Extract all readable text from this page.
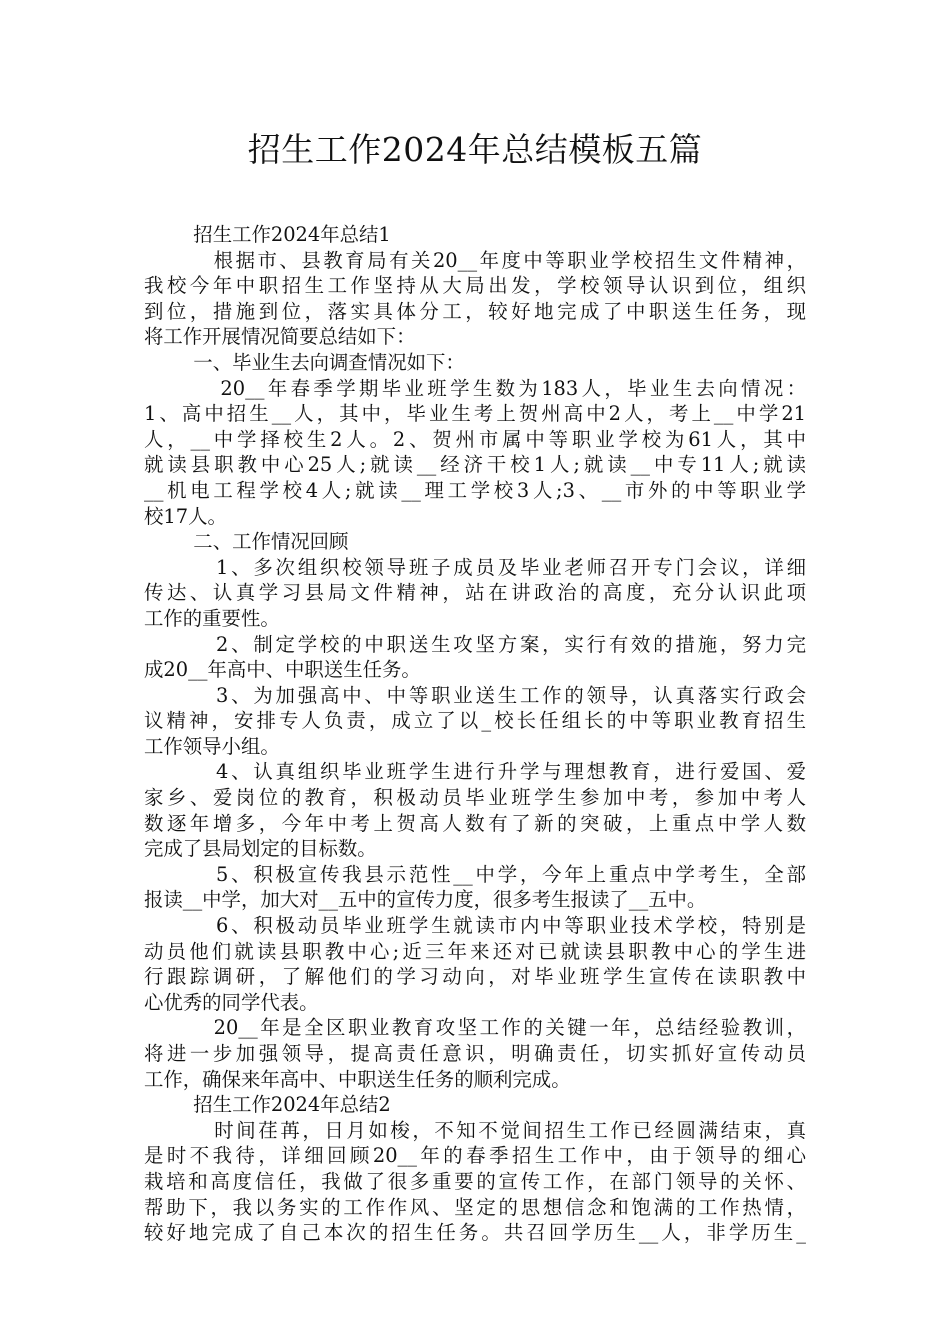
招生工作2024年总结模板五篇
招生工作2024年总结1
根据市、县教育局有关20__年度中等职业学校招生文件精神，
我校今年中职招生工作坚持从大局出发，学校领导认识到位，组织
到位，措施到位，落实具体分工，较好地完成了中职送生任务，现
将工作开展情况简要总结如下：
一、毕业生去向调查情况如下：
20__年春季学期毕业班学生数为183人，毕业生去向情况：
1、高中招生__人，其中，毕业生考上贺州高中2人，考上__中学21
人，__中学择校生2人。2、贺州市属中等职业学校为61人，其中
就读县职教中心25人;就读__经济干校1人;就读__中专11人;就读
__机电工程学校4人;就读__理工学校3人;3、__市外的中等职业学
校17人。
二、工作情况回顾
1、多次组织校领导班子成员及毕业老师召开专门会议，详细
传达、认真学习县局文件精神，站在讲政治的高度，充分认识此项
工作的重要性。
2、制定学校的中职送生攻坚方案，实行有效的措施，努力完
成20__年高中、中职送生任务。
3、为加强高中、中等职业送生工作的领导，认真落实行政会
议精神，安排专人负责，成立了以_校长任组长的中等职业教育招生
工作领导小组。
4、认真组织毕业班学生进行升学与理想教育，进行爱国、爱
家乡、爱岗位的教育，积极动员毕业班学生参加中考，参加中考人
数逐年增多，今年中考上贺高人数有了新的突破，上重点中学人数
完成了县局划定的目标数。
5、积极宣传我县示范性__中学，今年上重点中学考生，全部
报读__中学，加大对__五中的宣传力度，很多考生报读了__五中。
6、积极动员毕业班学生就读市内中等职业技术学校，特别是
动员他们就读县职教中心;近三年来还对已就读县职教中心的学生进
行跟踪调研，了解他们的学习动向，对毕业班学生宣传在读职教中
心优秀的同学代表。
20__年是全区职业教育攻坚工作的关键一年，总结经验教训，
将进一步加强领导，提高责任意识，明确责任，切实抓好宣传动员
工作，确保来年高中、中职送生任务的顺利完成。
招生工作2024年总结2
时间荏苒，日月如梭，不知不觉间招生工作已经圆满结束，真
是时不我待，详细回顾20__年的春季招生工作中，由于领导的细心
栽培和高度信任，我做了很多重要的宣传工作，在部门领导的关怀、
帮助下，我以务实的工作作风、坚定的思想信念和饱满的工作热情，
较好地完成了自己本次的招生任务。共召回学历生__人，非学历生_
